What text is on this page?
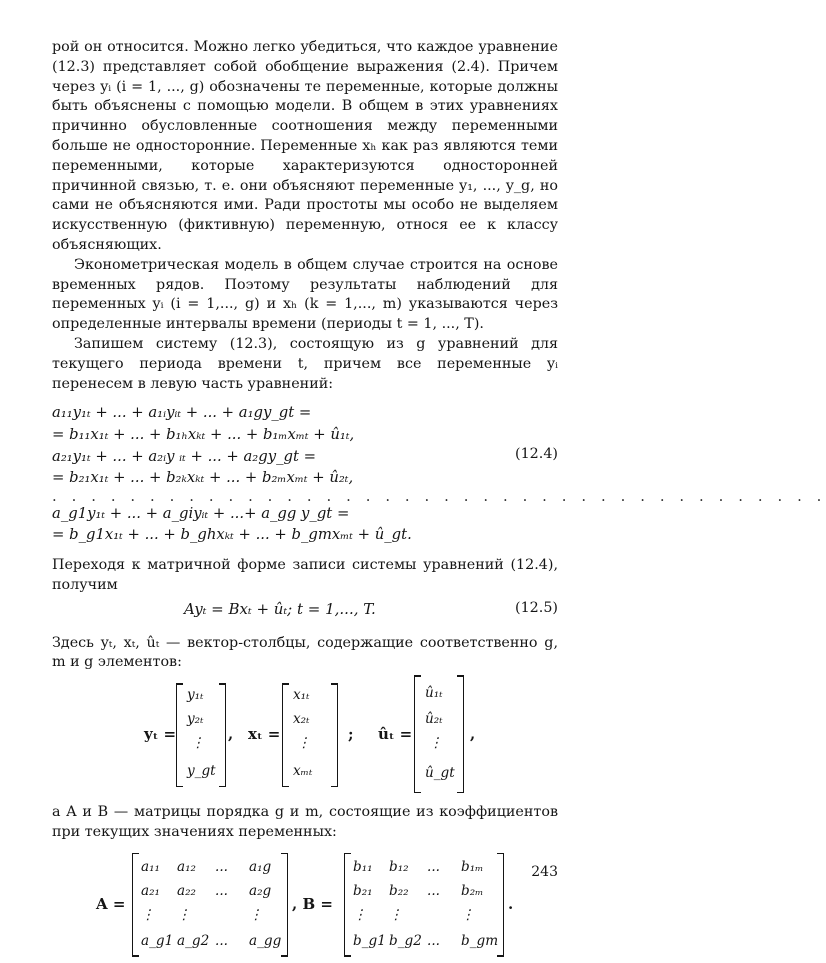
рой он относится. Можно легко убедиться, что каждое уравнение (12.3) представляет собой обобщение выражения (2.4). Причем через yᵢ (i = 1, ..., g) обозначены те переменные, которые должны быть объяснены с помощью модели. В общем в этих уравнениях причинно обусловленные соотношения между переменными больше не односторонние. Переменные xₕ как раз являются теми переменными, которые характеризуются односторонней причинной связью, т. е. они объясняют переменные y₁, ..., y_g, но сами не объясняются ими. Ради простоты мы особо не выделяем искусственную (фиктивную) переменную, относя ее к классу объясняющих.

Эконометрическая модель в общем случае строится на основе временных рядов. Поэтому результаты наблюдений для переменных yᵢ (i = 1,..., g) и xₕ (k = 1,..., m) указываются через определенные интервалы времени (периоды t = 1, ..., T).

Запишем систему (12.3), состоящую из g уравнений для текущего периода времени t, причем все переменные yᵢ перенесем в левую часть уравнений:

a₁₁y₁ₜ + ... + a₁ᵢyᵢₜ + ... + a₁gy_gt =
= b₁₁x₁ₜ + ... + b₁ₕxₖₜ + ... + b₁ₘxₘₜ + û₁ₜ,
a₂₁y₁ₜ + ... + a₂ᵢy ᵢₜ + ... + a₂gy_gt =
= b₂₁x₁ₜ + ... + b₂ₖxₖₜ + ... + b₂ₘxₘₜ + û₂ₜ,
. . . . . . . . . . . . . . . . . . . . . . . . . . . . . . . . . . . . . . . .
a_g1y₁ₜ + ... + a_giyᵢₜ + ...+ a_gg y_gt =
= b_g1x₁ₜ + ... + b_ghxₖₜ + ... + b_gmxₘₜ + û_gt.
(12.4)

Переходя к матричной форме записи системы уравнений (12.4), получим

Ayₜ = Bxₜ + ûₜ; t = 1,..., T.	(12.5)

Здесь yₜ, xₜ, ûₜ — вектор-столбцы, содержащие соответственно g, m и g элементов:

yₜ =
y₁ₜ
y₂ₜ
⋮
y_gt
, xₜ =
x₁ₜ
x₂ₜ
⋮
xₘₜ
; ûₜ =
û₁ₜ
û₂ₜ
⋮
û_gt
,

а A и B — матрицы порядка g и m, состоящие из коэффициентов при текущих значениях переменных:

A =
a₁₁ a₁₂ ... a₁g
a₂₁ a₂₂ ... a₂g
⋮ ⋮	⋮
a_g1 a_g2 ... a_gg
, B =
b₁₁ b₁₂ ... b₁ₘ
b₂₁ b₂₂ ... b₂ₘ
⋮ ⋮	⋮
b_g1 b_g2 ... b_gm
.
243
